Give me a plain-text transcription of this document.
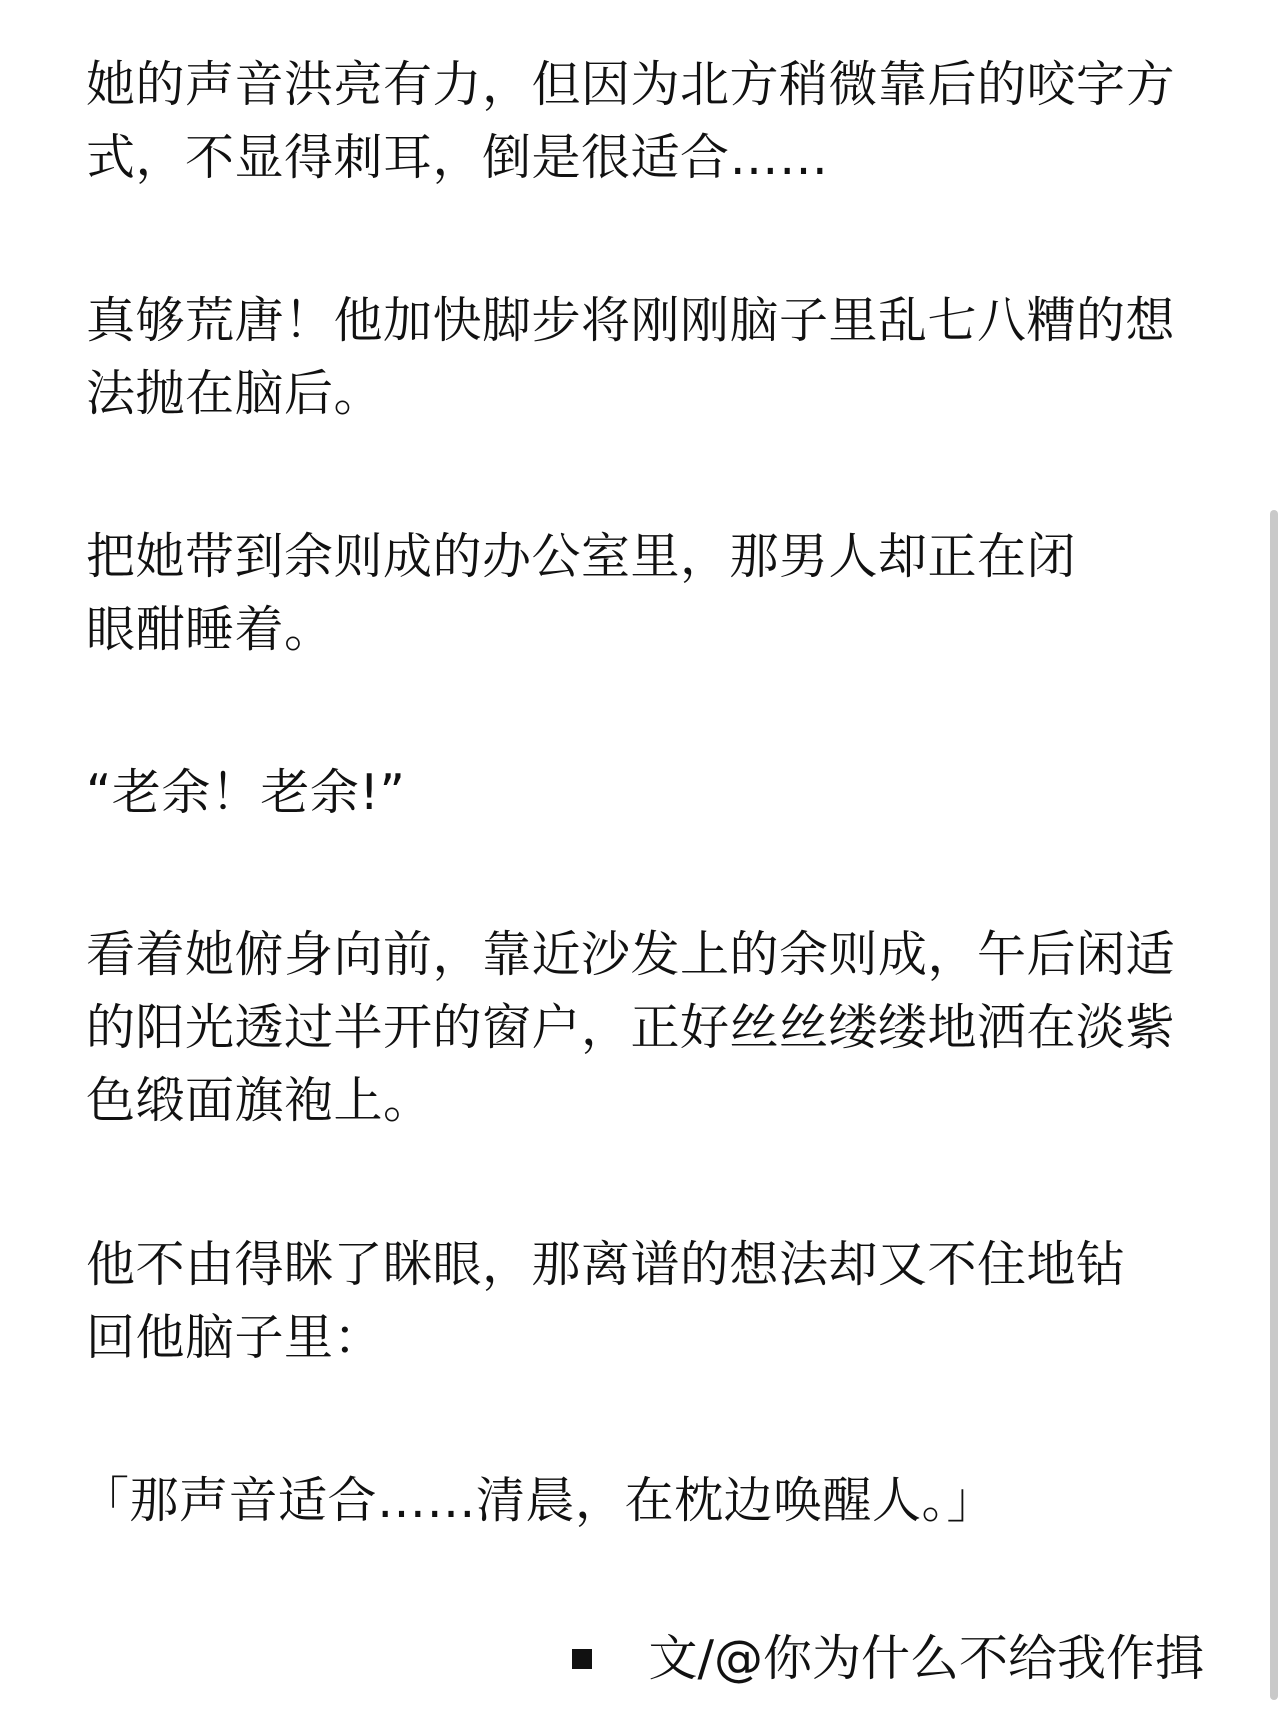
她的声音洪亮有力，但因为北方稍微靠后的咬字方式，不显得刺耳，倒是很适合……

真够荒唐！他加快脚步将刚刚脑子里乱七八糟的想法抛在脑后。

把她带到余则成的办公室里，那男人却正在闭
眼酣睡着。

“老余！老余!”

看着她俯身向前，靠近沙发上的余则成，午后闲适的阳光透过半开的窗户，正好丝丝缕缕地洒在淡紫色缎面旗袍上。

他不由得眯了眯眼，那离谱的想法却又不住地钻
回他脑子里：

「那声音适合……清晨，在枕边唤醒人。」

文/@你为什么不给我作揖
